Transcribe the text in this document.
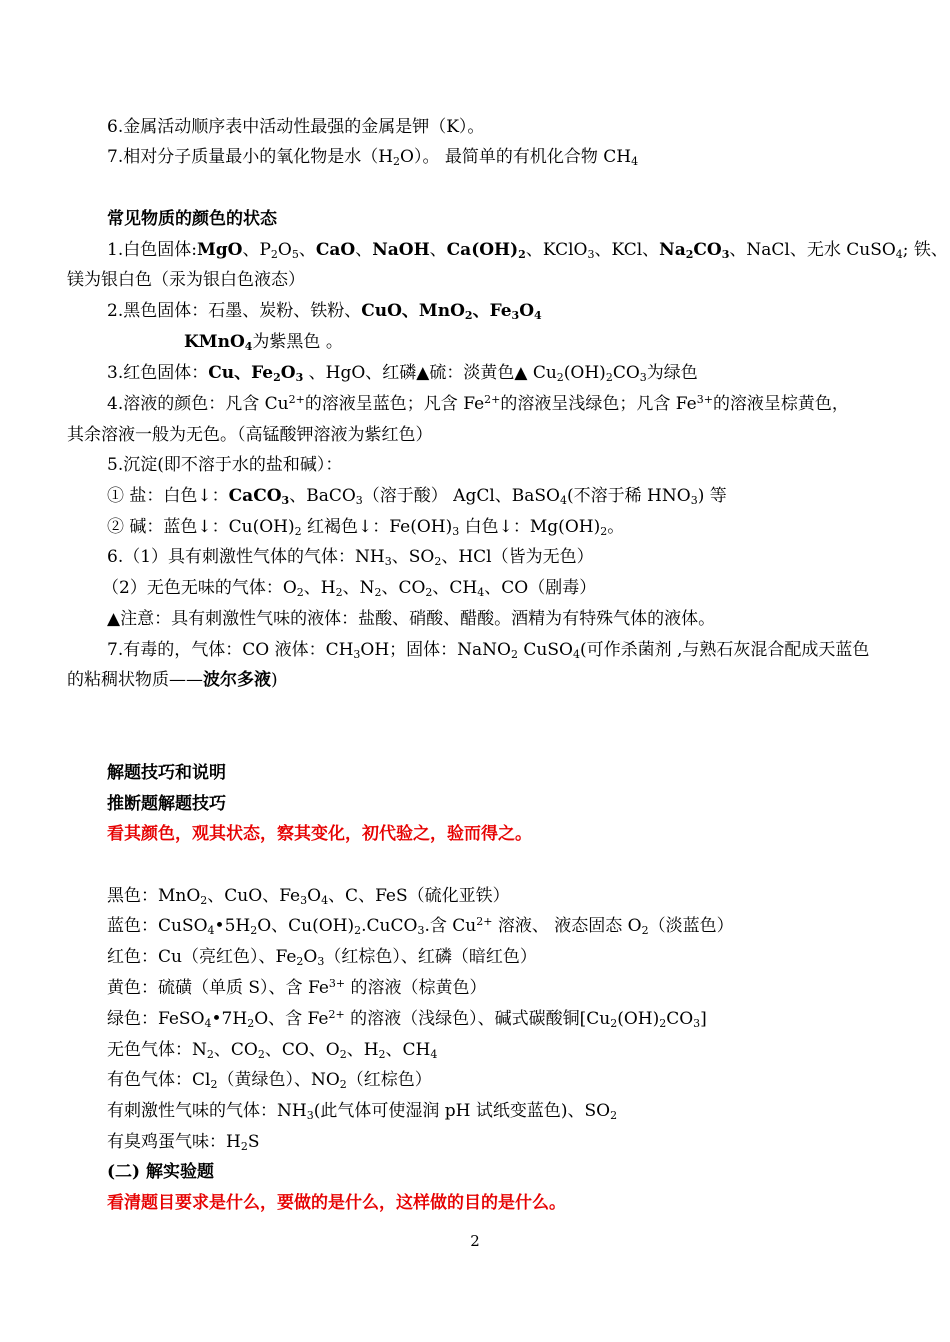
6.金属活动顺序表中活动性最强的金属是钾（K）。
7.相对分子质量最小的氧化物是水$(H_2O)$。 最简单的有机化合物 $CH_4$
常见物质的颜色的状态
1.白色固体:MgO、$P_2O_5$、CaO、NaOH、$Ca(OH)_2$、KClO$_3$、KCl、$Na_2CO_3$、NaCl、无水 CuSO$_4$; 铁、
镁为银白色（汞为银白色液态）
2.黑色固体：石墨、炭粉、铁粉、CuO、MnO$_2$、$Fe_3O_4$
KMnO$_4$为紫黑色 。
3.红色固体：Cu、$Fe_2O_3$ 、HgO、红磷▲硫：淡黄色▲ $Cu_2(OH)_2CO_3$为绿色
4.溶液的颜色：凡含 $Cu^{2+}$的溶液呈蓝色；凡含 $Fe^{2+}$的溶液呈浅绿色；凡含 $Fe^{3+}$的溶液呈棕黄色，
其余溶液一般为无色。（高锰酸钾溶液为紫红色）
5.沉淀(即不溶于水的盐和碱）：
① 盐：白色↓：CaCO$_3$、BaCO$_3$（溶于酸） AgCl、BaSO$_4$(不溶于稀 $HNO_3$) 等
② 碱：蓝色↓：$Cu(OH)_2$ 红褐色↓：$Fe(OH)_3$ 白色↓：$Mg(OH)_2$。
6.（1）具有刺激性气体的气体：$NH_3$、$SO_2$、HCl（皆为无色）
（2）无色无味的气体：$O_2$、$H_2$、$N_2$、$CO_2$、$CH_4$、CO（剧毒）
▲注意：具有刺激性气味的液体：盐酸、硝酸、醋酸。酒精为有特殊气体的液体。
7.有毒的，气体：CO 液体：$CH_3OH$；固体：NaNO$_2$ CuSO$_4$(可作杀菌剂 ,与熟石灰混合配成天蓝色
的粘稠状物质——波尔多液)
解题技巧和说明
推断题解题技巧
看其颜色，观其状态，察其变化，初代验之，验而得之。
黑色：MnO$_2$、CuO、$Fe_3O_4$、C、FeS（硫化亚铁）
蓝色：$CuSO_4•5H_2O$、$Cu(OH)_2.CuCO_3$.含 $Cu^{2+}$ 溶液、 液态固态 $O_2$（淡蓝色）
红色：Cu（亮红色）、$Fe_2O_3$（红棕色）、红磷（暗红色）
黄色：硫磺（单质 S）、含 $Fe^{3+}$ 的溶液（棕黄色）
绿色：$FeSO_4•7H_2O$、含 $Fe^{2+}$ 的溶液（浅绿色）、碱式碳酸铜$[Cu_2(OH)_2CO_3]$
无色气体：$N_2$、$CO_2$、CO、$O_2$、$H_2$、$CH_4$
有色气体：$Cl_2$（黄绿色）、$NO_2$（红棕色）
有刺激性气味的气体：$NH_3$(此气体可使湿润 pH 试纸变蓝色)、$SO_2$
有臭鸡蛋气味：$H_2S$
(二) 解实验题
看清题目要求是什么，要做的是什么，这样做的目的是什么。
2
